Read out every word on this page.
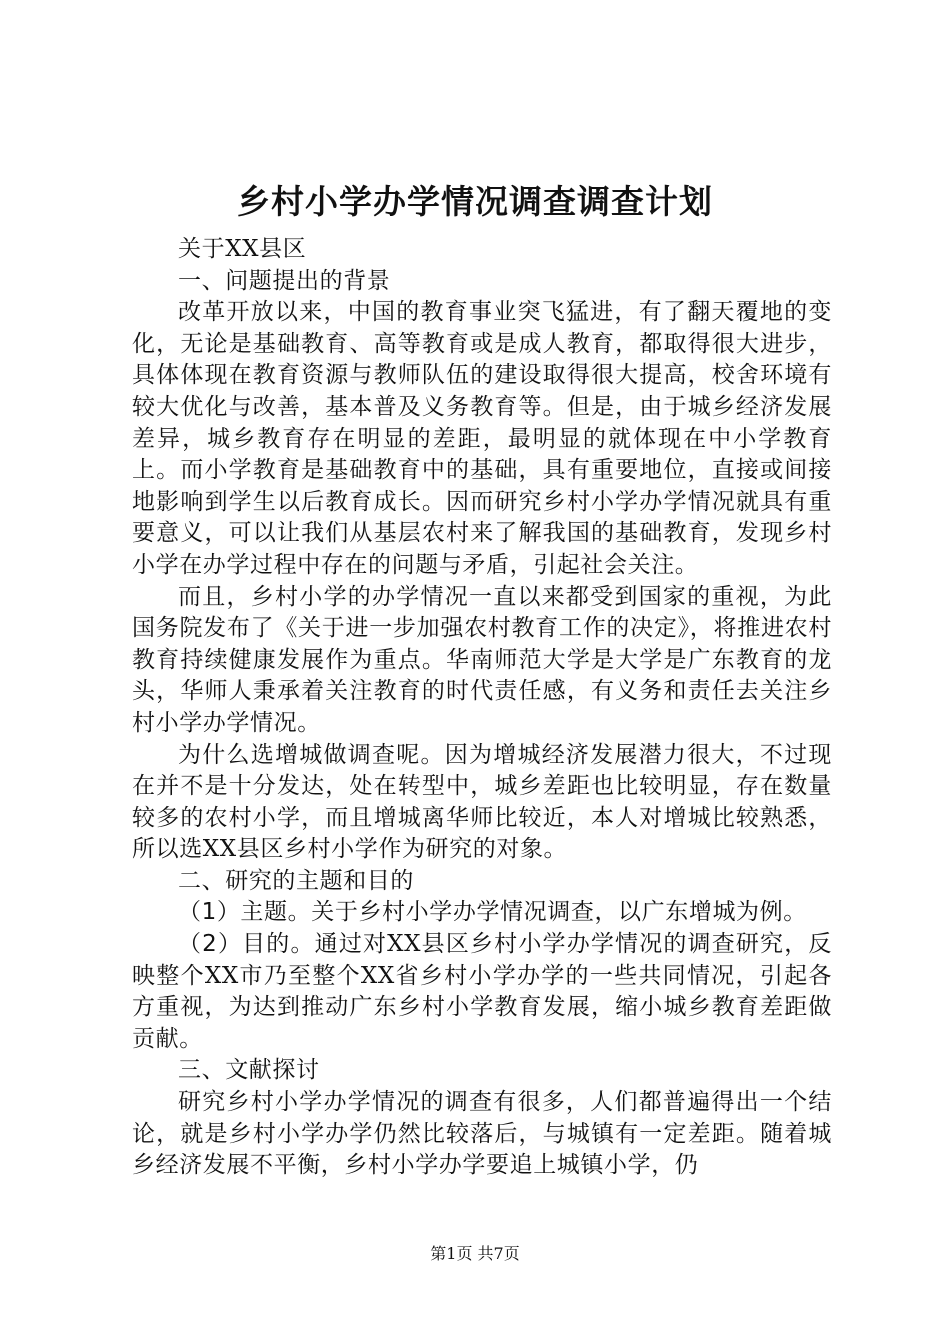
乡村小学办学情况调查调查计划

关于XX县区

一、问题提出的背景

改革开放以来，中国的教育事业突飞猛进，有了翻天覆地的变化，无论是基础教育、高等教育或是成人教育，都取得很大进步，具体体现在教育资源与教师队伍的建设取得很大提高，校舍环境有较大优化与改善，基本普及义务教育等。但是，由于城乡经济发展差异，城乡教育存在明显的差距，最明显的就体现在中小学教育上。而小学教育是基础教育中的基础，具有重要地位，直接或间接地影响到学生以后教育成长。因而研究乡村小学办学情况就具有重要意义，可以让我们从基层农村来了解我国的基础教育，发现乡村小学在办学过程中存在的问题与矛盾，引起社会关注。

而且，乡村小学的办学情况一直以来都受到国家的重视，为此国务院发布了《关于进一步加强农村教育工作的决定》，将推进农村教育持续健康发展作为重点。华南师范大学是大学是广东教育的龙头，华师人秉承着关注教育的时代责任感，有义务和责任去关注乡村小学办学情况。

为什么选增城做调查呢。因为增城经济发展潜力很大，不过现在并不是十分发达，处在转型中，城乡差距也比较明显，存在数量较多的农村小学，而且增城离华师比较近，本人对增城比较熟悉，所以选XX县区乡村小学作为研究的对象。

二、研究的主题和目的

（1）主题。关于乡村小学办学情况调查，以广东增城为例。

（2）目的。通过对XX县区乡村小学办学情况的调查研究，反映整个XX市乃至整个XX省乡村小学办学的一些共同情况，引起各方重视，为达到推动广东乡村小学教育发展，缩小城乡教育差距做贡献。

三、文献探讨

研究乡村小学办学情况的调查有很多，人们都普遍得出一个结论，就是乡村小学办学仍然比较落后，与城镇有一定差距。随着城乡经济发展不平衡，乡村小学办学要追上城镇小学，仍

第1页 共7页
